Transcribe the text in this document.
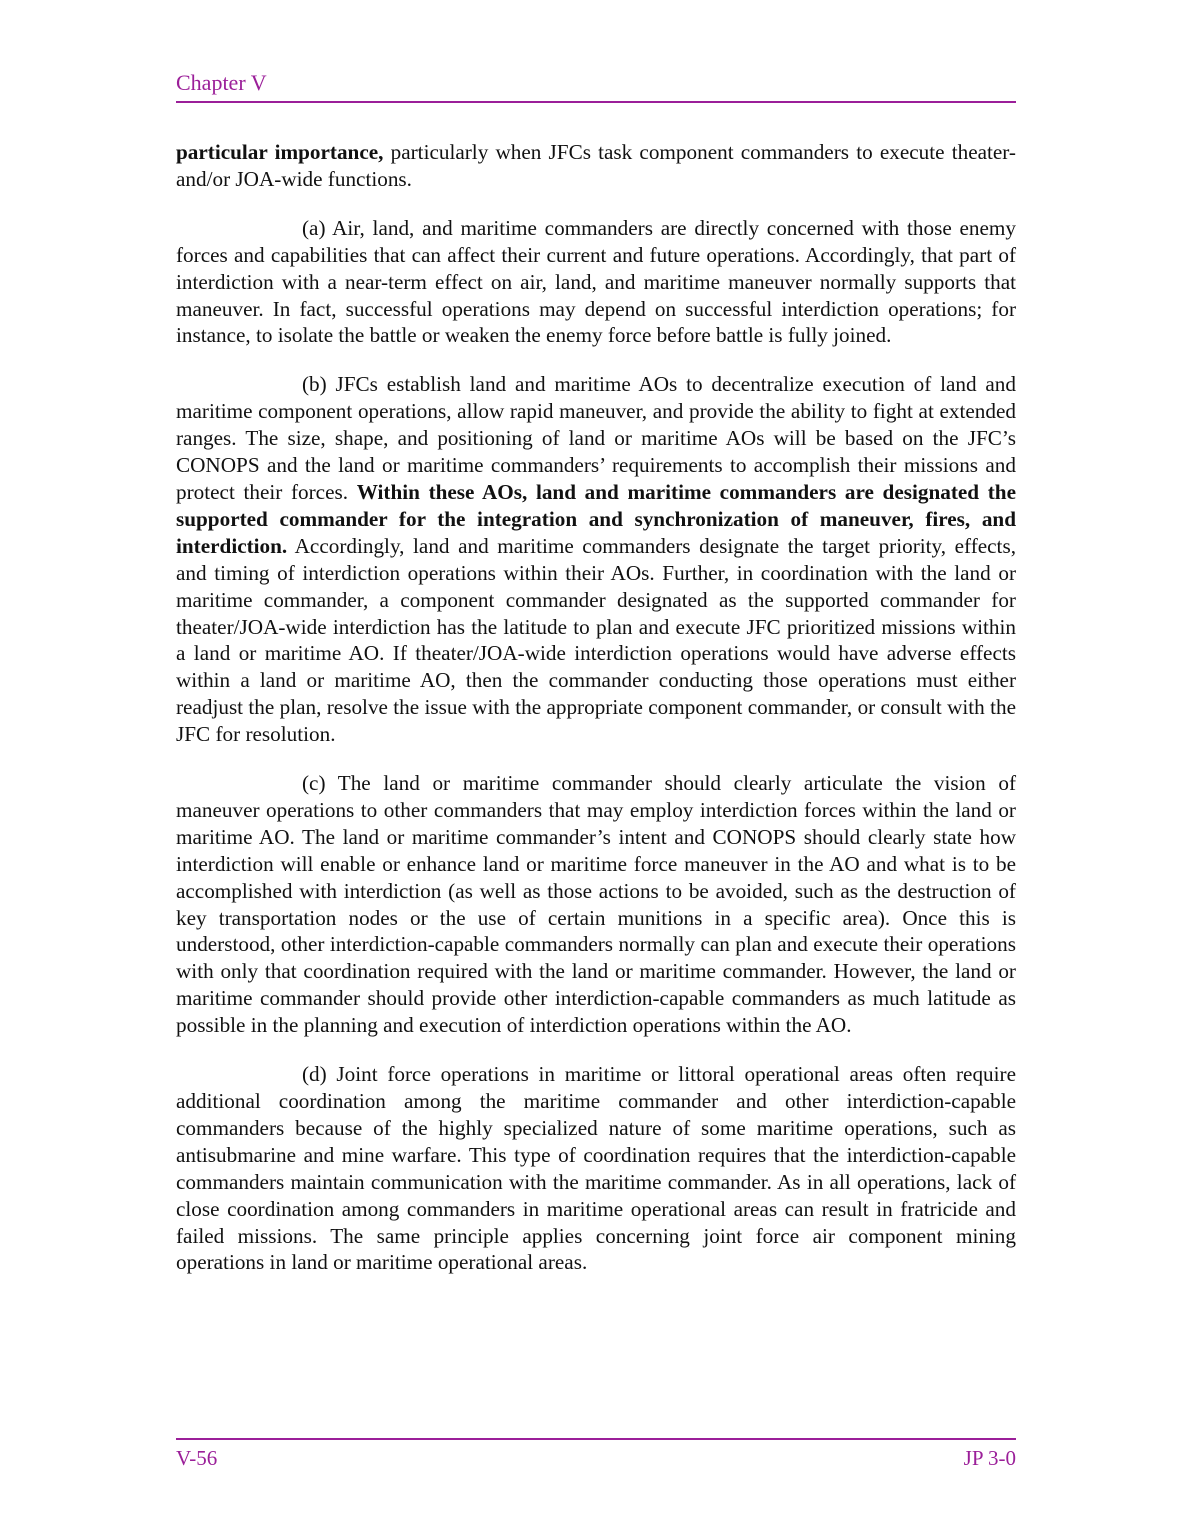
Chapter V

particular importance, particularly when JFCs task component commanders to execute theater- and/or JOA-wide functions.

(a) Air, land, and maritime commanders are directly concerned with those enemy forces and capabilities that can affect their current and future operations. Accordingly, that part of interdiction with a near-term effect on air, land, and maritime maneuver normally supports that maneuver. In fact, successful operations may depend on successful interdiction operations; for instance, to isolate the battle or weaken the enemy force before battle is fully joined.

(b) JFCs establish land and maritime AOs to decentralize execution of land and maritime component operations, allow rapid maneuver, and provide the ability to fight at extended ranges. The size, shape, and positioning of land or maritime AOs will be based on the JFC’s CONOPS and the land or maritime commanders’ requirements to accomplish their missions and protect their forces. Within these AOs, land and maritime commanders are designated the supported commander for the integration and synchronization of maneuver, fires, and interdiction. Accordingly, land and maritime commanders designate the target priority, effects, and timing of interdiction operations within their AOs. Further, in coordination with the land or maritime commander, a component commander designated as the supported commander for theater/JOA-wide interdiction has the latitude to plan and execute JFC prioritized missions within a land or maritime AO. If theater/JOA-wide interdiction operations would have adverse effects within a land or maritime AO, then the commander conducting those operations must either readjust the plan, resolve the issue with the appropriate component commander, or consult with the JFC for resolution.

(c) The land or maritime commander should clearly articulate the vision of maneuver operations to other commanders that may employ interdiction forces within the land or maritime AO. The land or maritime commander’s intent and CONOPS should clearly state how interdiction will enable or enhance land or maritime force maneuver in the AO and what is to be accomplished with interdiction (as well as those actions to be avoided, such as the destruction of key transportation nodes or the use of certain munitions in a specific area). Once this is understood, other interdiction-capable commanders normally can plan and execute their operations with only that coordination required with the land or maritime commander. However, the land or maritime commander should provide other interdiction-capable commanders as much latitude as possible in the planning and execution of interdiction operations within the AO.

(d) Joint force operations in maritime or littoral operational areas often require additional coordination among the maritime commander and other interdiction-capable commanders because of the highly specialized nature of some maritime operations, such as antisubmarine and mine warfare. This type of coordination requires that the interdiction-capable commanders maintain communication with the maritime commander. As in all operations, lack of close coordination among commanders in maritime operational areas can result in fratricide and failed missions. The same principle applies concerning joint force air component mining operations in land or maritime operational areas.

V-56	JP 3-0
